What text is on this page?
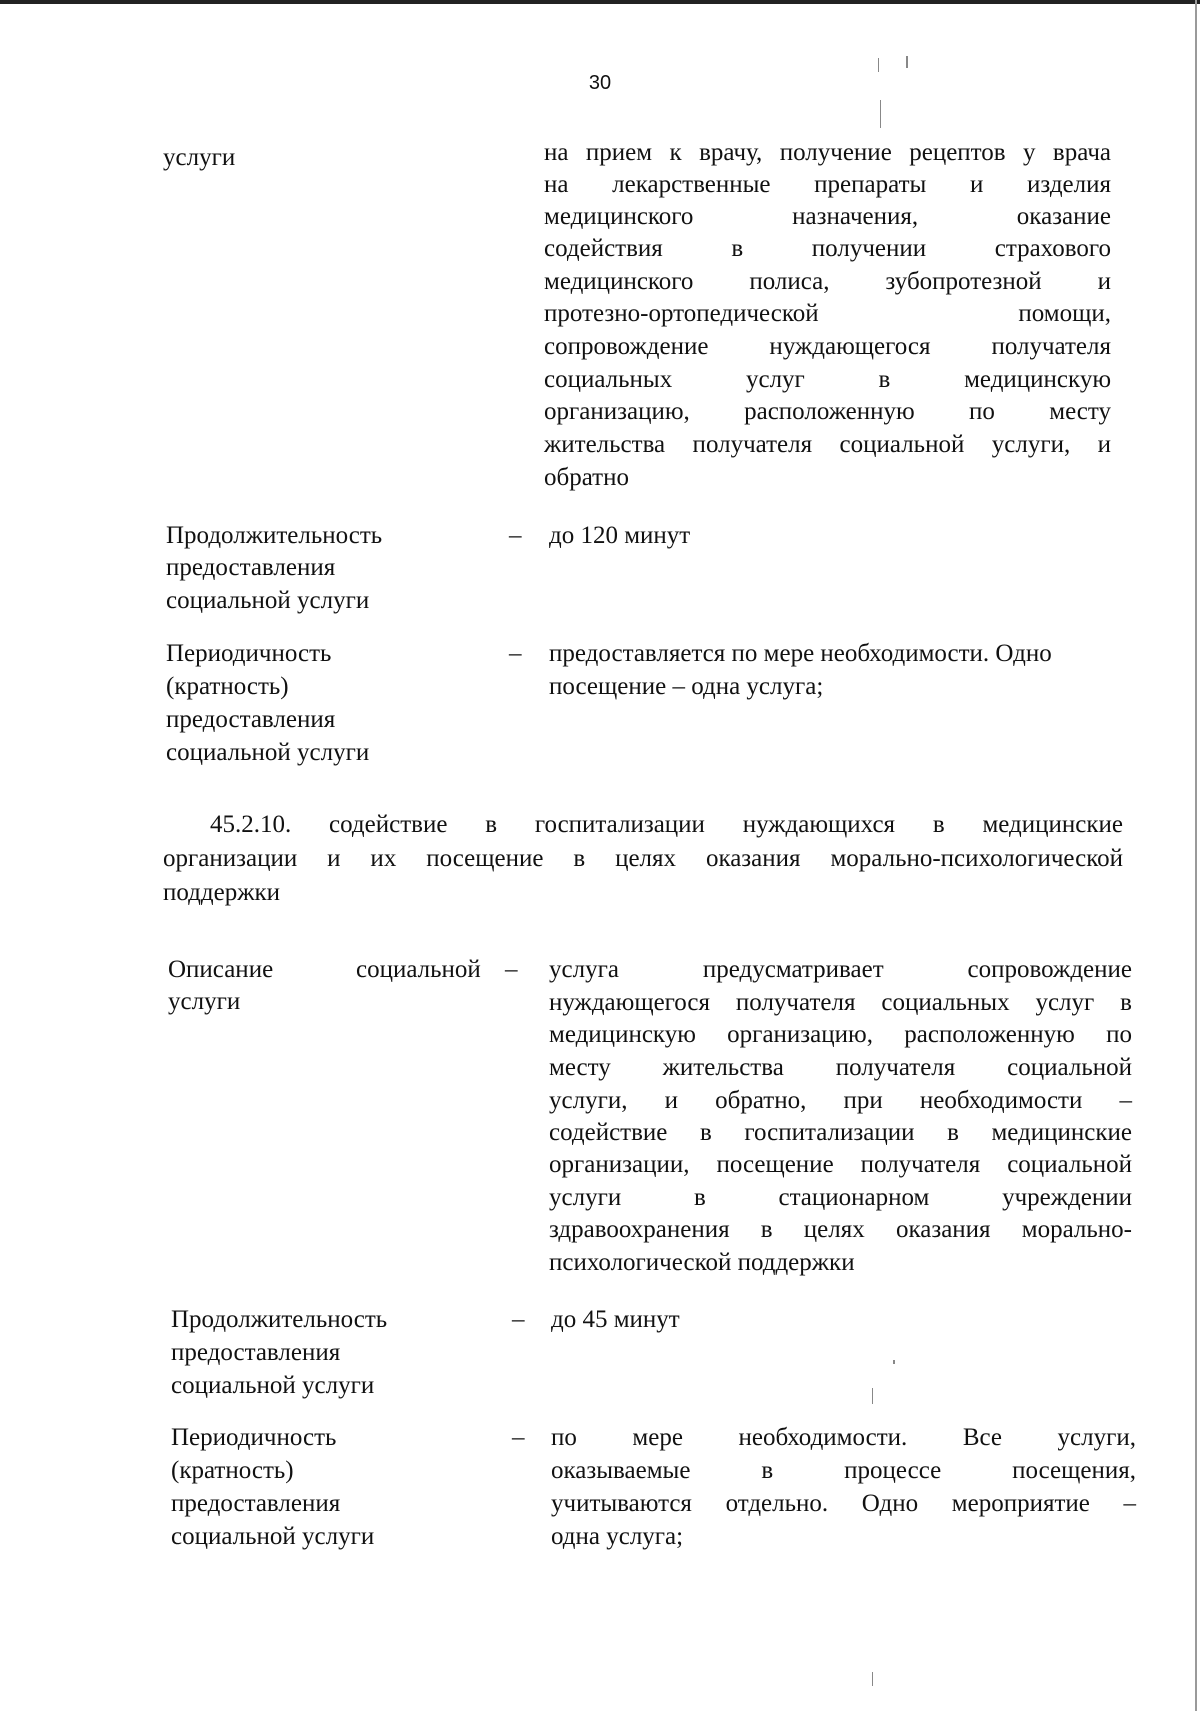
30
услуги	на прием к врачу, получение рецептов у врача
на лекарственные препараты и изделия
медицинского назначения, оказание
содействия в получении страхового
медицинского полиса, зубопротезной и
протезно-ортопедической помощи,
сопровождение нуждающегося получателя
социальных услуг в медицинскую
организацию, расположенную по месту
жительства получателя социальной услуги, и
обратно
Продолжительность
предоставления
социальной услуги
– до 120 минут
Периодичность
(кратность)
предоставления
социальной услуги
– предоставляется по мере необходимости. Одно
посещение – одна услуга;
45.2.10. содействие в госпитализации нуждающихся в медицинские
организации и их посещение в целях оказания морально-психологической
поддержки
Описание	социальной
услуги
– услуга предусматривает сопровождение
нуждающегося получателя социальных услуг в
медицинскую организацию, расположенную по
месту жительства получателя социальной
услуги, и обратно, при необходимости –
содействие в госпитализации в медицинские
организации, посещение получателя социальной
услуги в стационарном учреждении
здравоохранения в целях оказания морально-
психологической поддержки
Продолжительность
предоставления
социальной услуги
– до 45 минут
Периодичность
(кратность)
предоставления
социальной услуги
– по мере необходимости. Все услуги,
оказываемые в процессе посещения,
учитываются отдельно. Одно мероприятие –
одна услуга;
